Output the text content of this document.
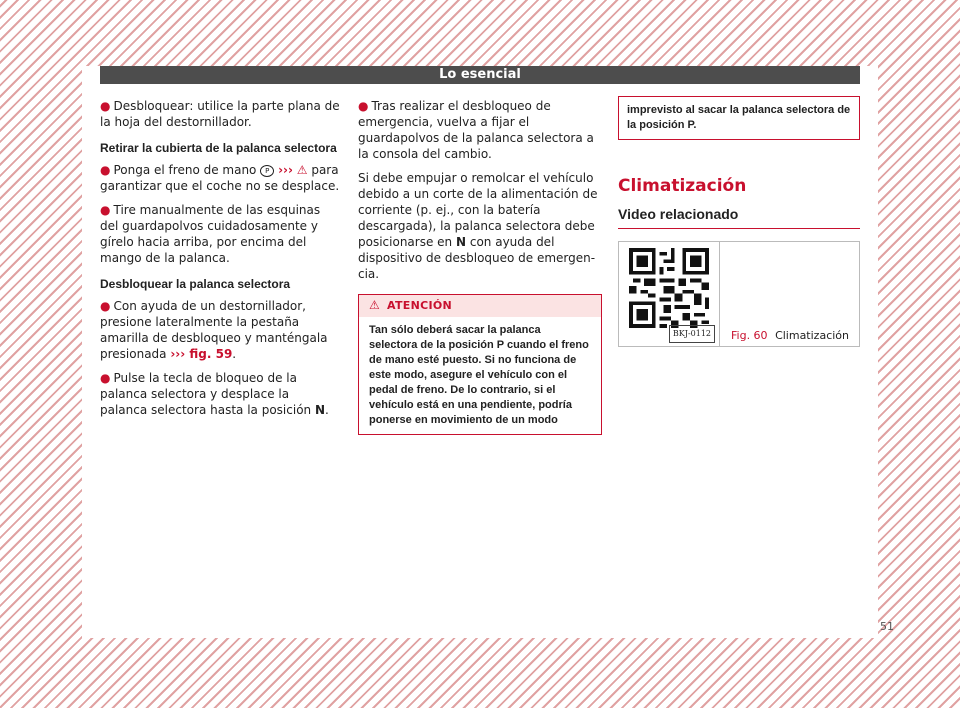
Lo esencial

● Desbloquear: utilice la parte plana de la hoja del destornillador.

Retirar la cubierta de la palanca selectora

● Ponga el freno de mano P ››› ⚠ para garantizar que el coche no se desplace.

● Tire manualmente de las esquinas del guardapolvos cuidadosamente y gírelo hacia arriba, por encima del mango de la palanca.

Desbloquear la palanca selectora

● Con ayuda de un destornillador, presione lateralmente la pestaña amarilla de desbloqueo y manténgala presionada ››› fig. 59.

● Pulse la tecla de bloqueo de la palanca selectora y desplace la palanca selectora hasta la posición N.

● Tras realizar el desbloqueo de emergencia, vuelva a fijar el guardapolvos de la palanca selectora a la consola del cambio.

Si debe empujar o remolcar el vehículo debido a un corte de la alimentación de corriente (p. ej., con la batería descargada), la palanca selectora debe posicionarse en N con ayuda del dispositivo de desbloqueo de emergencia.

⚠ ATENCIÓN
Tan sólo deberá sacar la palanca selectora de la posición P cuando el freno de mano esté puesto. Si no funciona de este modo, asegure el vehículo con el pedal de freno. De lo contrario, si el vehículo está en una pendiente, podría ponerse en movimiento de un modo
imprevisto al sacar la palanca selectora de la posición P.
Climatización
Video relacionado
BKJ-0112	Fig. 60 Climatización
51
